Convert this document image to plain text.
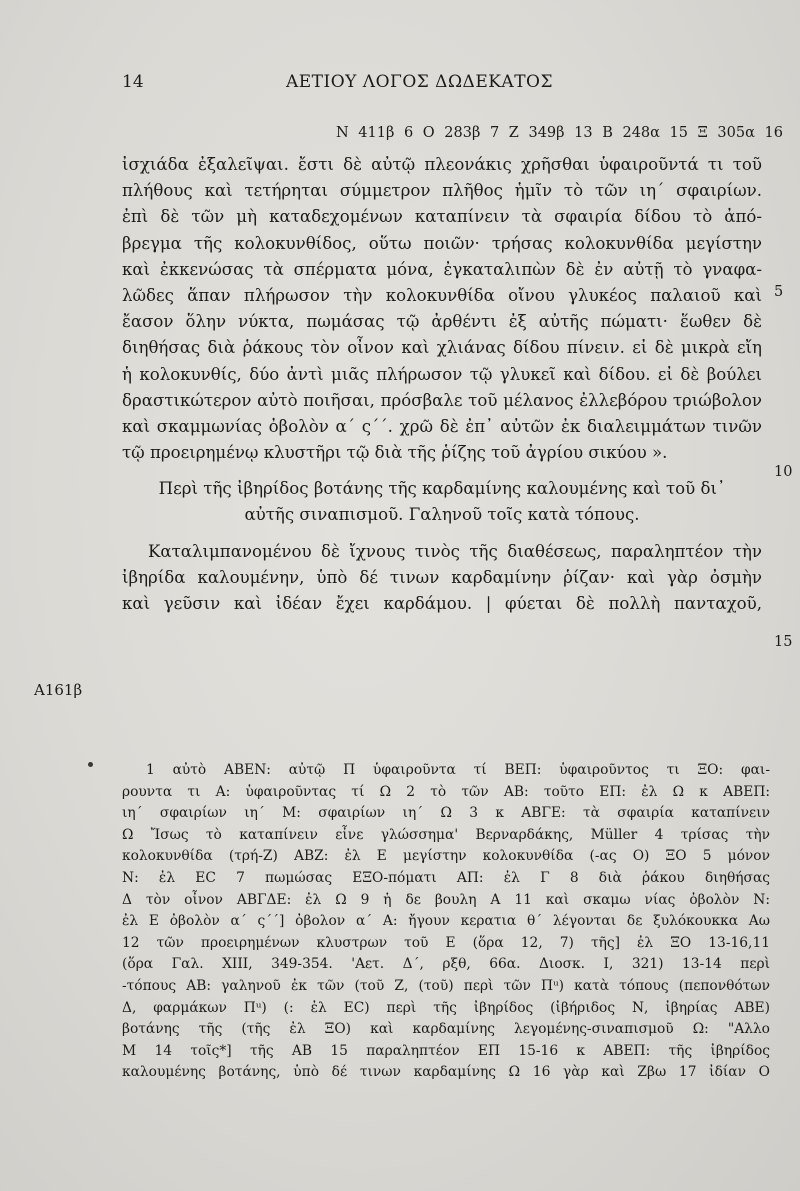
14	ΑΕΤΙΟΥ ΛΟΓΟΣ ΔΩΔΕΚΑΤΟΣ
N 411β 6 O 283β 7 Z 349β 13 B 248α 15 Ξ 305α 16
ἰσχιάδα ἐξαλεῖψαι. ἔστι δὲ αὐτῷ πλεονάκις χρῆσθαι ὑφαιροῦντά τι τοῦ
πλήθους καὶ τετήρηται σύμμετρον πλῆθος ἡμῖν τὸ τῶν ιη´ σφαιρίων.
ἐπὶ δὲ τῶν μὴ καταδεχομένων καταπίνειν τὰ σφαιρία δίδου τὸ ἀπό-
βρεγμα τῆς κολοκυνθίδος, οὕτω ποιῶν· τρήσας κολοκυνθίδα μεγίστην
καὶ ἐκκενώσας τὰ σπέρματα μόνα, ἐγκαταλιπὼν δὲ ἐν αὐτῇ τὸ γναφα-
λῶδες ἅπαν πλήρωσον τὴν κολοκυνθίδα οἴνου γλυκέος παλαιοῦ καὶ
ἔασον ὅλην νύκτα, πωμάσας τῷ ἀρθέντι ἐξ αὐτῆς πώματι· ἕωθεν δὲ
διηθήσας διὰ ῥάκους τὸν οἶνον καὶ χλιάνας δίδου πίνειν. εἰ δὲ μικρὰ εἴη
ἡ κολοκυνθίς, δύο ἀντὶ μιᾶς πλήρωσον τῷ γλυκεῖ καὶ δίδου. εἰ δὲ βούλει
δραστικώτερον αὐτὸ ποιῆσαι, πρόσβαλε τοῦ μέλανος ἐλλεβόρου τριώβολον
καὶ σκαμμωνίας ὀβολὸν α´ ς´´. χρῶ δὲ ἐπ᾽ αὐτῶν ἐκ διαλειμμάτων τινῶν
τῷ προειρημένῳ κλυστῆρι τῷ διὰ τῆς ῥίζης τοῦ ἀγρίου σικύου ».
Περὶ τῆς ἰβηρίδος βοτάνης τῆς καρδαμίνης καλουμένης καὶ τοῦ δι᾽
αὐτῆς σιναπισμοῦ. Γαληνοῦ τοῖς κατὰ τόπους.
Καταλιμπανομένου δὲ ἴχνους τινὸς τῆς διαθέσεως, παραληπτέον τὴν
ἰβηρίδα καλουμένην, ὑπὸ δέ τινων καρδαμίνην ῥίζαν· καὶ γὰρ ὀσμὴν
καὶ γεῦσιν καὶ ἰδέαν ἔχει καρδάμου. | φύεται δὲ πολλὴ πανταχοῦ,
5
10
15
A161β
1 αὐτὸ ΑΒΕΝ: αὐτῷ Π ὑφαιροῦντα τί ΒΕΠ: ὑφαιροῦντος τι ΞΟ: φαι-
ρουντα τι Α: ὑφαιροῦντας τί Ω 2 τὸ τῶν ΑΒ: τοῦτο ΕΠ: ἐλ Ω κ ΑΒΕΠ:
ιη´ σφαιρίων ιη´ Μ: σφαιρίων ιη´ Ω 3 κ ΑΒΓΕ: τὰ σφαιρία καταπίνειν
Ω Ἴσως τὸ καταπίνειν εἶνε γλώσσημα' Βερναρδάκης, Müller 4 τρίσας τὴν
κολοκυνθίδα (τρή-Ζ) ΑΒΖ: ἐλ Ε μεγίστην κολοκυνθίδα (-ας Ο) ΞΟ 5 μόνον
Ν: ἐλ ΕC 7 πωμώσας ΕΞΟ-πόματι ΑΠ: ἐλ Γ 8 διὰ ῥάκου διηθήσας
Δ τὸν οἶνον ΑΒΓΔΕ: ἐλ Ω 9 ἡ δε βουλη Α 11 καὶ σκαμω νίας ὀβολὸν Ν:
ἐλ Ε ὀβολὸν α´ ς´´] ὀβολον α´ Α: ἤγουν κερατια θ´ λέγονται δε ξυλόκουκκα Αω
12 τῶν προειρημένων κλυστρων τοῦ Ε (ὅρα 12, 7) τῆς] ἐλ ΞΟ 13-16,11
(ὅρα Γαλ. XIII, 349-354. 'Αετ. Δ´, ρξθ, 66α. Διοσκ. I, 321) 13-14 περὶ
-τόπους ΑΒ: γαληνοῦ ἐκ τῶν (τοῦ Ζ, (τοῦ) περὶ τῶν Πᵘ) κατὰ τόπους (πεπονθότων
Δ, φαρμάκων Πᵘ) (: ἐλ ΕC) περὶ τῆς ἰβηρίδος (ἰβήριδος Ν, ἰβηρίας ΑΒΕ)
βοτάνης τῆς (τῆς ἐλ ΞΟ) καὶ καρδαμίνης λεγομένης-σιναπισμοῦ Ω: "Αλλο
Μ 14 τοῖς*] τῆς ΑΒ 15 παραληπτέον ΕΠ 15-16 κ ΑΒΕΠ: τῆς ἰβηρίδος
καλουμένης βοτάνης, ὑπὸ δέ τινων καρδαμίνης Ω 16 γὰρ καὶ Ζβω 17 ἰδίαν Ο
